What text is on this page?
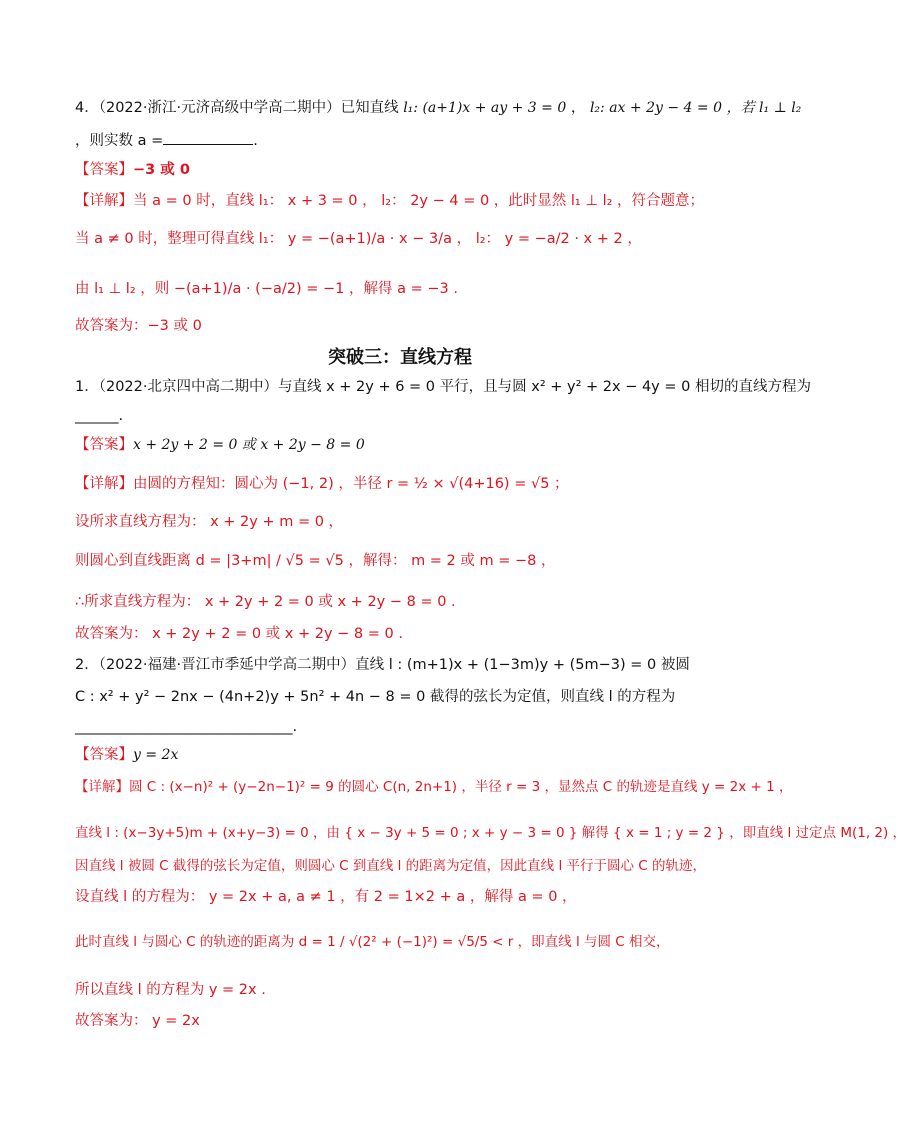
4．（2022·浙江·元济高级中学高二期中）已知直线 l₁: (a+1)x + ay + 3 = 0 ， l₂: ax + 2y − 4 = 0 ，若 l₁ ⊥ l₂
，则实数 a =	.
【答案】−3 或 0
【详解】当 a = 0 时，直线 l₁： x + 3 = 0 ， l₂： 2y − 4 = 0 ，此时显然 l₁ ⊥ l₂ ，符合题意；
当 a ≠ 0 时，整理可得直线 l₁： y = −(a+1)/a · x − 3/a ， l₂： y = −a/2 · x + 2 ，
由 l₁ ⊥ l₂ ，则 −(a+1)/a · (−a/2) = −1 ，解得 a = −3 .
故答案为：−3 或 0
突破三：直线方程
1．（2022·北京四中高二期中）与直线 x + 2y + 6 = 0 平行，且与圆 x² + y² + 2x − 4y = 0 相切的直线方程为
______.
【答案】x + 2y + 2 = 0 或 x + 2y − 8 = 0
【详解】由圆的方程知：圆心为 (−1, 2) ，半径 r = ½ × √(4+16) = √5 ；
设所求直线方程为： x + 2y + m = 0 ，
则圆心到直线距离 d = |3+m| / √5 = √5 ，解得： m = 2 或 m = −8 ，
∴所求直线方程为： x + 2y + 2 = 0 或 x + 2y − 8 = 0 .
故答案为： x + 2y + 2 = 0 或 x + 2y − 8 = 0 .
2．（2022·福建·晋江市季延中学高二期中）直线 l : (m+1)x + (1−3m)y + (5m−3) = 0 被圆
C : x² + y² − 2nx − (4n+2)y + 5n² + 4n − 8 = 0 截得的弦长为定值，则直线 l 的方程为
______________________________.
【答案】y = 2x
【详解】圆 C : (x−n)² + (y−2n−1)² = 9 的圆心 C(n, 2n+1) ，半径 r = 3 ，显然点 C 的轨迹是直线 y = 2x + 1 ，
直线 l : (x−3y+5)m + (x+y−3) = 0 ，由 { x − 3y + 5 = 0 ; x + y − 3 = 0 } 解得 { x = 1 ; y = 2 } ，即直线 l 过定点 M(1, 2) ，
因直线 l 被圆 C 截得的弦长为定值，则圆心 C 到直线 l 的距离为定值，因此直线 l 平行于圆心 C 的轨迹，
设直线 l 的方程为： y = 2x + a, a ≠ 1 ，有 2 = 1×2 + a ，解得 a = 0 ，
此时直线 l 与圆心 C 的轨迹的距离为 d = 1 / √(2² + (−1)²) = √5/5 < r ，即直线 l 与圆 C 相交，
所以直线 l 的方程为 y = 2x .
故答案为： y = 2x
